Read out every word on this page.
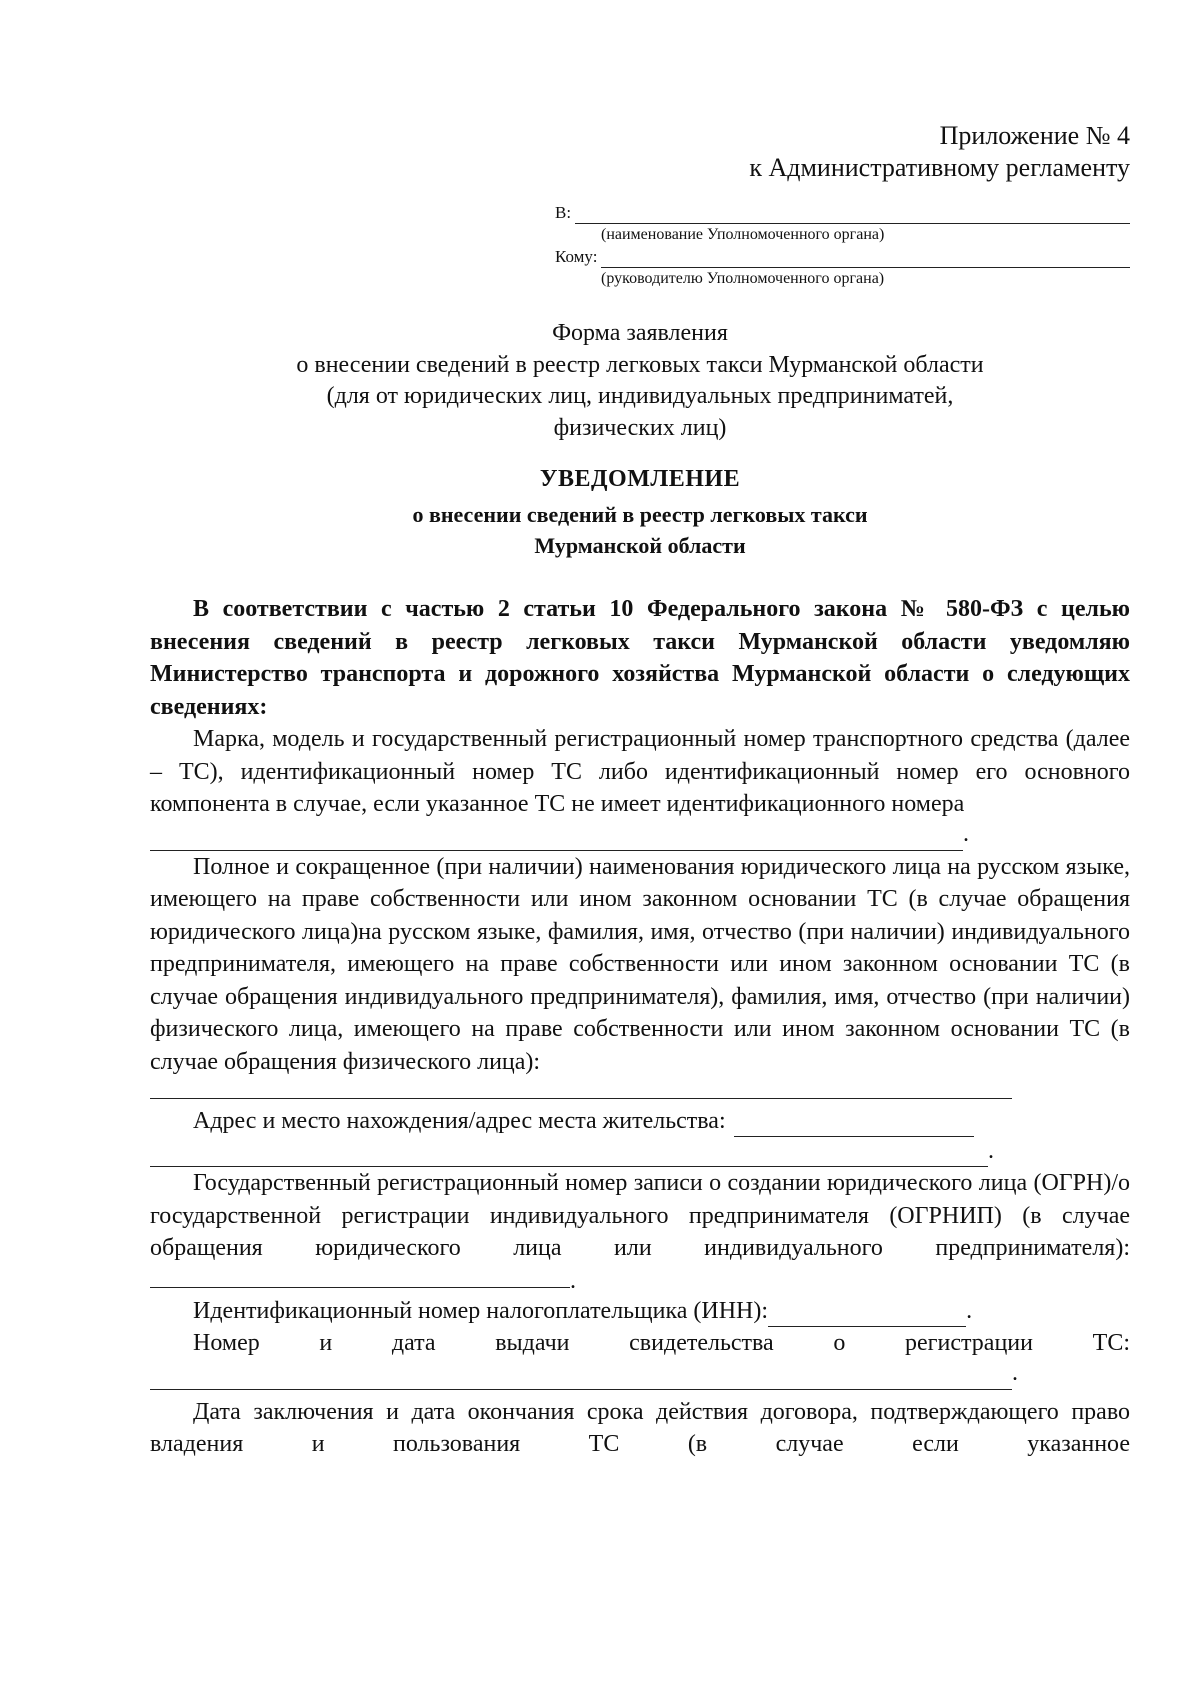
Приложение № 4
к Административному регламенту
В:
(наименование Уполномоченного органа)
Кому:
(руководителю Уполномоченного органа)
Форма заявления
о внесении сведений в реестр легковых такси Мурманской области
(для от юридических лиц, индивидуальных предприниматей,
физических лиц)
УВЕДОМЛЕНИЕ
о внесении сведений в реестр легковых такси
Мурманской области

В соответствии с частью 2 статьи 10 Федерального закона № 580-ФЗ с целью внесения сведений в реестр легковых такси Мурманской области уведомляю Министерство транспорта и дорожного хозяйства Мурманской области о следующих сведениях:

Марка, модель и государственный регистрационный номер транспортного средства (далее – ТС), идентификационный номер ТС либо идентификационный номер его основного компонента в случае, если указанное ТС не имеет идентификационного номера

.

Полное и сокращенное (при наличии) наименования юридического лица на русском языке, имеющего на праве собственности или ином законном основании ТС (в случае обращения юридического лица)на русском языке, фамилия, имя, отчество (при наличии) индивидуального предпринимателя, имеющего на праве собственности или ином законном основании ТС (в случае обращения индивидуального предпринимателя), фамилия, имя, отчество (при наличии) физического лица, имеющего на праве собственности или ином законном основании ТС (в случае обращения физического лица):

Адрес и место нахождения/адрес места жительства:
.

Государственный регистрационный номер записи о создании юридического лица (ОГРН)/о государственной регистрации индивидуального предпринимателя (ОГРНИП) (в случае обращения юридического лица или индивидуального предпринимателя): .

Идентификационный номер налогоплательщика (ИНН):	.

Номер и дата выдачи свидетельства о регистрации ТС:

.

Дата заключения и дата окончания срока действия договора, подтверждающего право владения и пользования ТС (в случае если указанное
